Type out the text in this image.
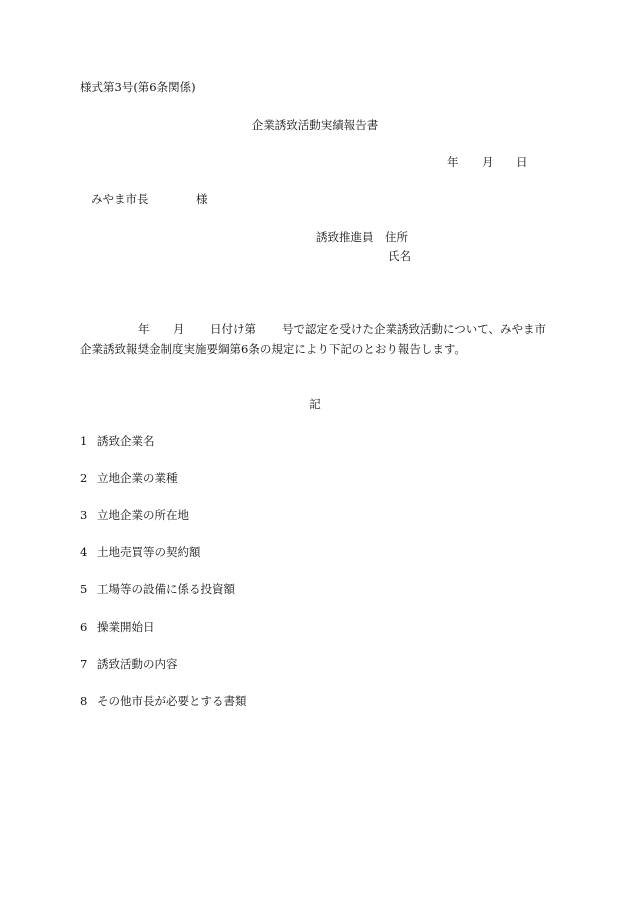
様式第3号(第6条関係)
企業誘致活動実績報告書
年 月 日
みやま市長	様
誘致推進員　住所
氏名
年 月 日付け第 号で認定を受けた企業誘致活動について、みやま市
企業誘致報奨金制度実施要綱第6条の規定により下記のとおり報告します。
記
1 誘致企業名
2 立地企業の業種
3 立地企業の所在地
4 土地売買等の契約額
5 工場等の設備に係る投資額
6 操業開始日
7 誘致活動の内容
8 その他市長が必要とする書類
